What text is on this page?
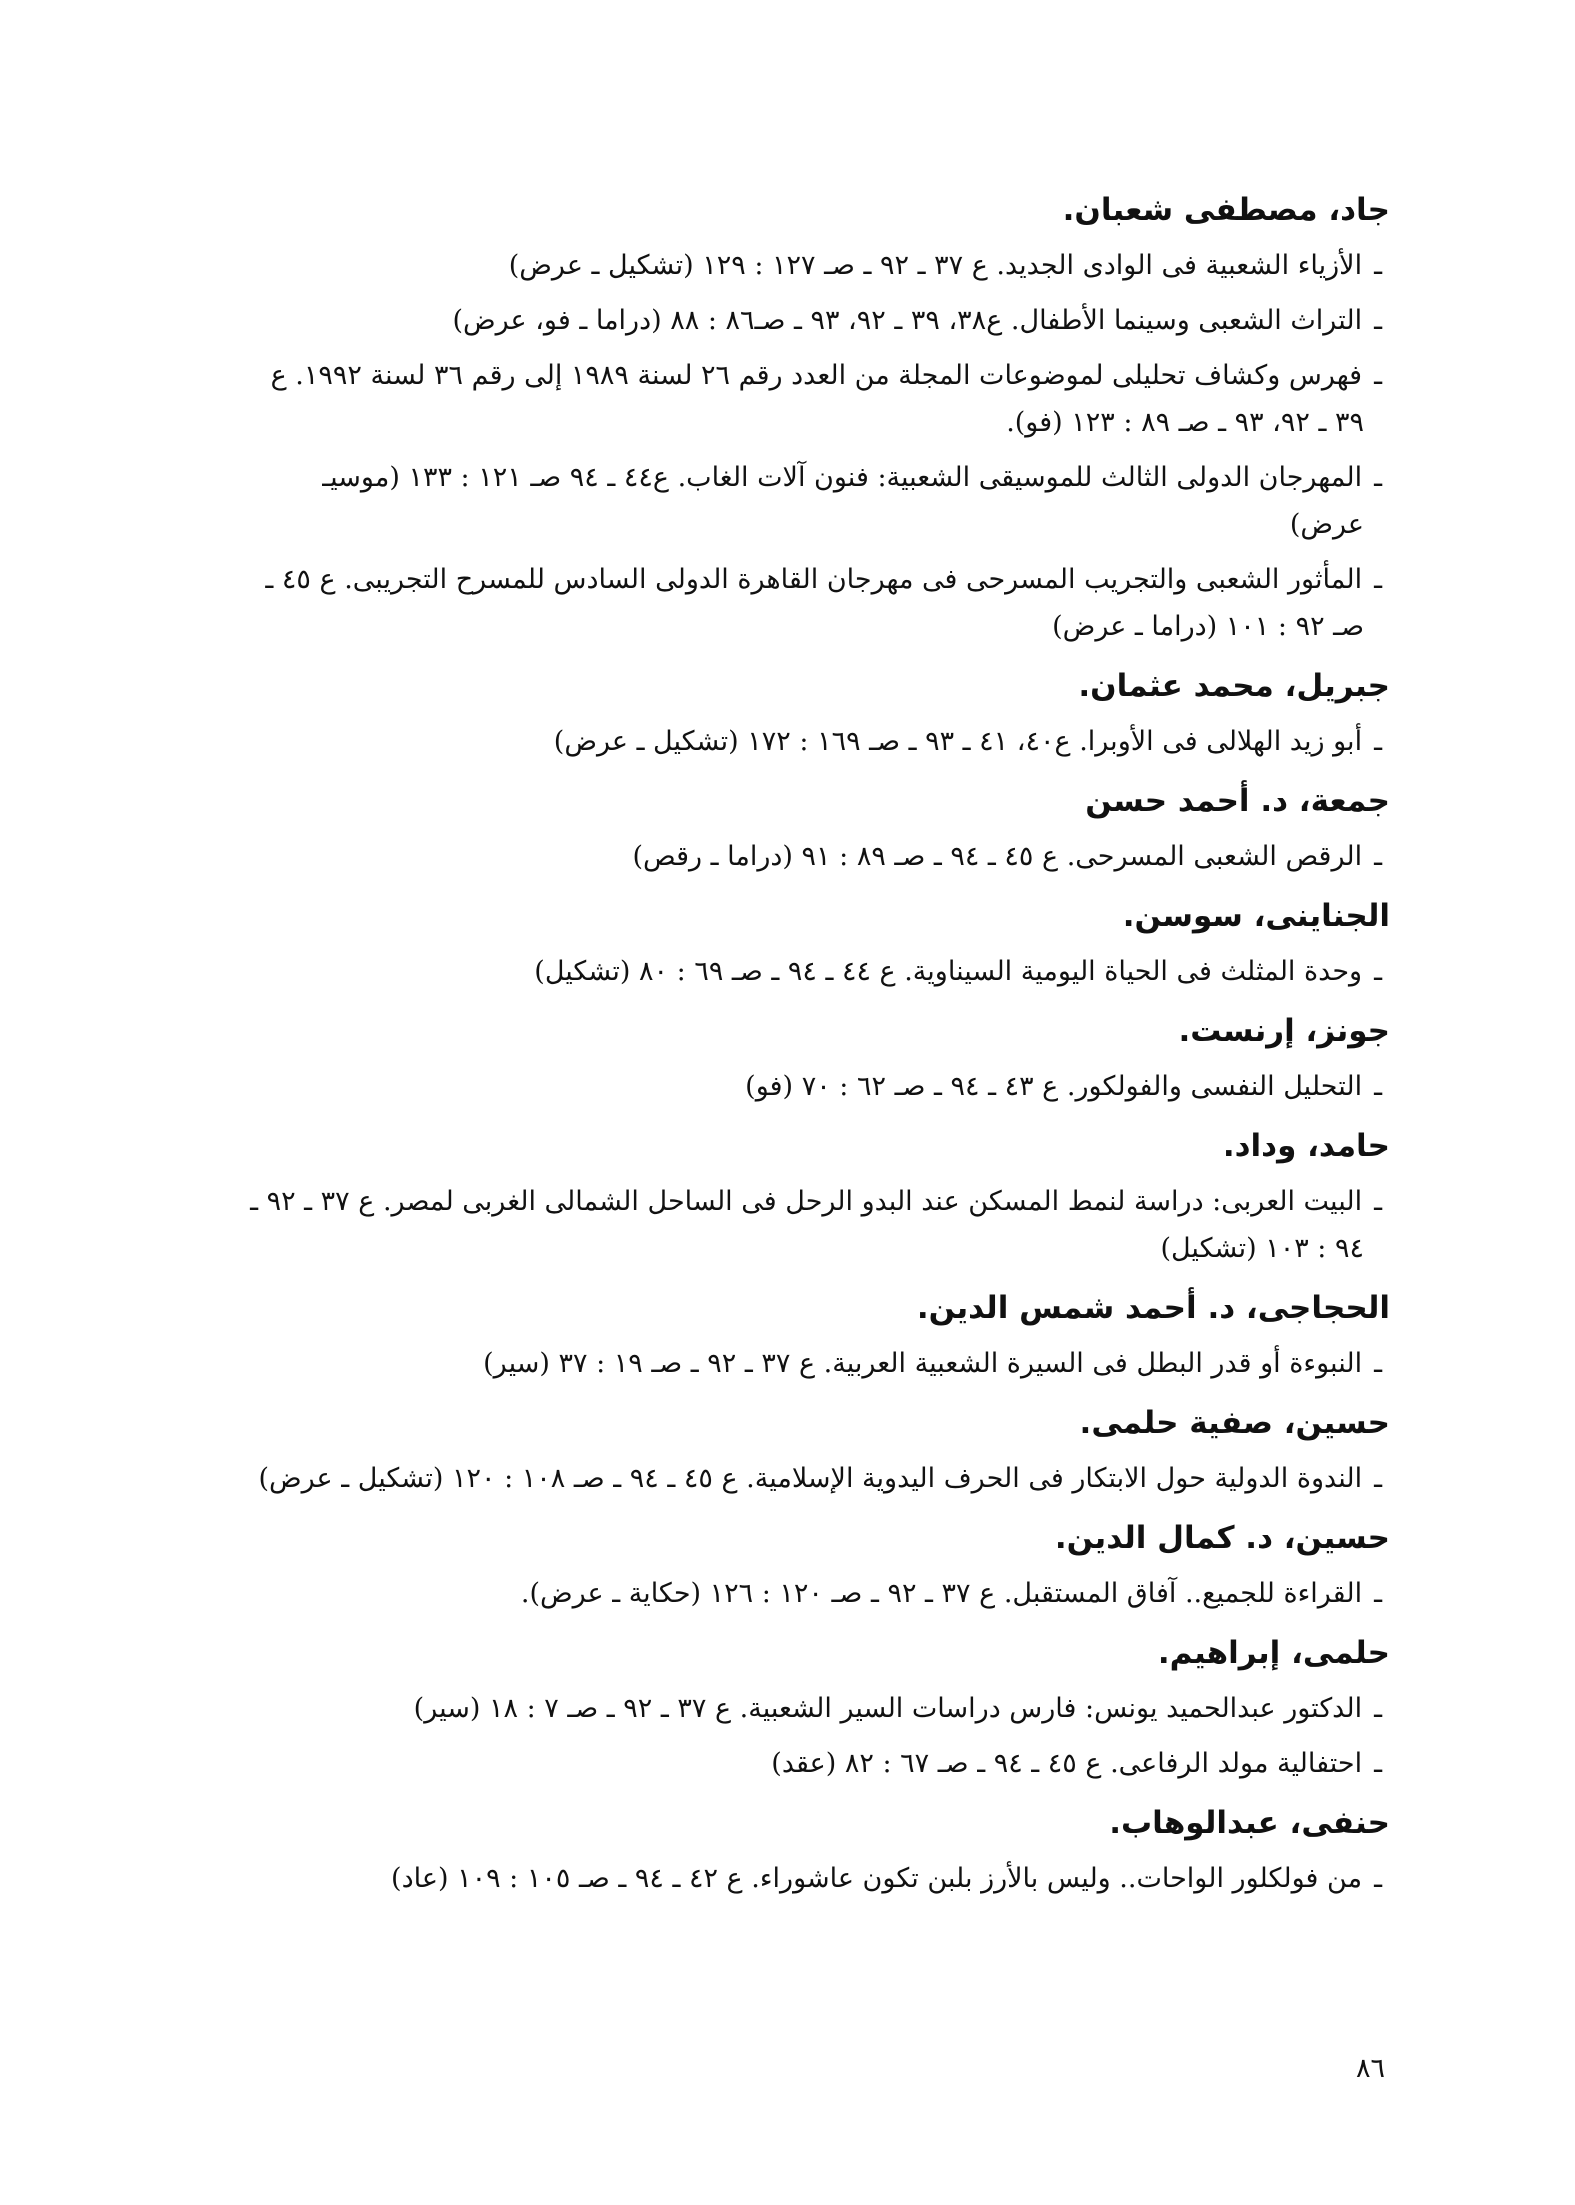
جاد، مصطفى شعبان.
ـالأزياء الشعبية فى الوادى الجديد. ع ٣٧ ـ ٩٢ ـ صـ ١٢٧ : ١٢٩ (تشكيل ـ عرض)
ـالتراث الشعبى وسينما الأطفال. ع٣٨، ٣٩ ـ ٩٢، ٩٣ ـ صـ٨٦ : ٨٨ (دراما ـ فو، عرض)
ـفهرس وكشاف تحليلى لموضوعات المجلة من العدد رقم ٢٦ لسنة ١٩٨٩ إلى رقم ٣٦ لسنة ١٩٩٢. ع
٣٩ ـ ٩٢، ٩٣ ـ صـ ٨٩ : ١٢٣ (فو).
ـالمهرجان الدولى الثالث للموسيقى الشعبية: فنون آلات الغاب. ع٤٤ ـ ٩٤ صـ ١٢١ : ١٣٣ (موسيـ
عرض)
ـالمأثور الشعبى والتجريب المسرحى فى مهرجان القاهرة الدولى السادس للمسرح التجريبى. ع ٤٥ ـ
صـ ٩٢ : ١٠١ (دراما ـ عرض)
جبريل، محمد عثمان.
ـأبو زيد الهلالى فى الأوبرا. ع٤٠، ٤١ ـ ٩٣ ـ صـ ١٦٩ : ١٧٢ (تشكيل ـ عرض)
جمعة، د. أحمد حسن
ـالرقص الشعبى المسرحى. ع ٤٥ ـ ٩٤ ـ صـ ٨٩ : ٩١ (دراما ـ رقص)
الجناينى، سوسن.
ـوحدة المثلث فى الحياة اليومية السيناوية. ع ٤٤ ـ ٩٤ ـ صـ ٦٩ : ٨٠ (تشكيل)
جونز، إرنست.
ـالتحليل النفسى والفولكور. ع ٤٣ ـ ٩٤ ـ صـ ٦٢ : ٧٠ (فو)
حامد، وداد.
ـالبيت العربى: دراسة لنمط المسكن عند البدو الرحل فى الساحل الشمالى الغربى لمصر. ع ٣٧ ـ ٩٢ ـ
٩٤ : ١٠٣ (تشكيل)
الحجاجى، د. أحمد شمس الدين.
ـالنبوءة أو قدر البطل فى السيرة الشعبية العربية. ع ٣٧ ـ ٩٢ ـ صـ ١٩ : ٣٧ (سير)
حسين، صفية حلمى.
ـالندوة الدولية حول الابتكار فى الحرف اليدوية الإسلامية. ع ٤٥ ـ ٩٤ ـ صـ ١٠٨ : ١٢٠ (تشكيل ـ عرض)
حسين، د. كمال الدين.
ـالقراءة للجميع.. آفاق المستقبل. ع ٣٧ ـ ٩٢ ـ صـ ١٢٠ : ١٢٦ (حكاية ـ عرض).
حلمى، إبراهيم.
ـالدكتور عبدالحميد يونس: فارس دراسات السير الشعبية. ع ٣٧ ـ ٩٢ ـ صـ ٧ : ١٨ (سير)
ـاحتفالية مولد الرفاعى. ع ٤٥ ـ ٩٤ ـ صـ ٦٧ : ٨٢ (عقد)
حنفى، عبدالوهاب.
ـمن فولكلور الواحات.. وليس بالأرز بلبن تكون عاشوراء. ع ٤٢ ـ ٩٤ ـ صـ ١٠٥ : ١٠٩ (عاد)
٨٦
